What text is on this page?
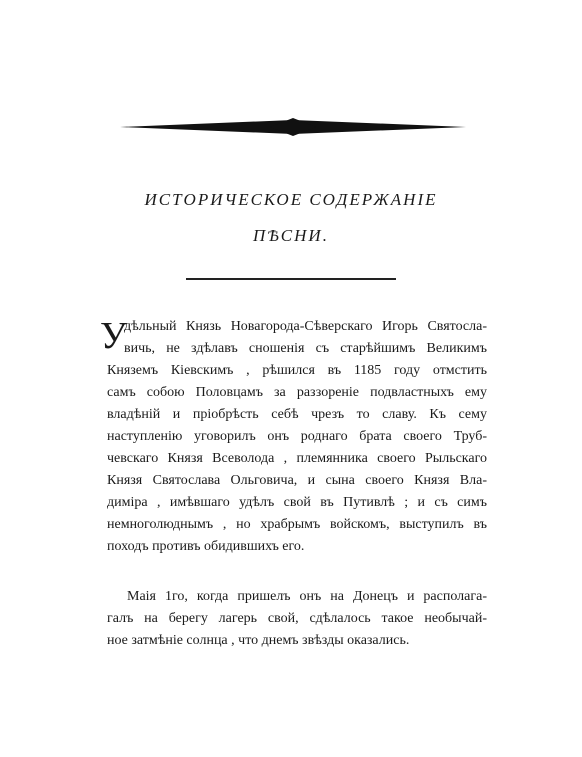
ИСТОРИЧЕСКОЕ СОДЕРЖАНІЕ
ПѢСНИ.
У
дѣльный Князь Новагорода-Сѣверскаго Игорь Святосла-
вичь, не здѣлавъ сношенія съ старѣйшимъ Великимъ
Княземъ Кіевскимъ , рѣшился въ 1185 году отмстить
самъ собою Половцамъ за раззореніе подвластныхъ ему
владѣній и пріобрѣсть себѣ чрезъ то славу. Къ сему
наступленію уговорилъ онъ роднаго брата своего Труб-
чевскаго Князя Всеволода , племянника своего Рыльскаго
Князя Святослава Ольговича, и сына своего Князя Вла-
диміра , имѣвшаго удѣлъ свой въ Путивлѣ ; и съ симъ
немноголюднымъ , но храбрымъ войскомъ, выступилъ въ
походъ противъ обидившихъ его.
Маія 1го, когда пришелъ онъ на Донецъ и располага-
галъ на берегу лагерь свой, сдѣлалось такое необычай-
ное затмѣніе солнца , что днемъ звѣзды оказались.
